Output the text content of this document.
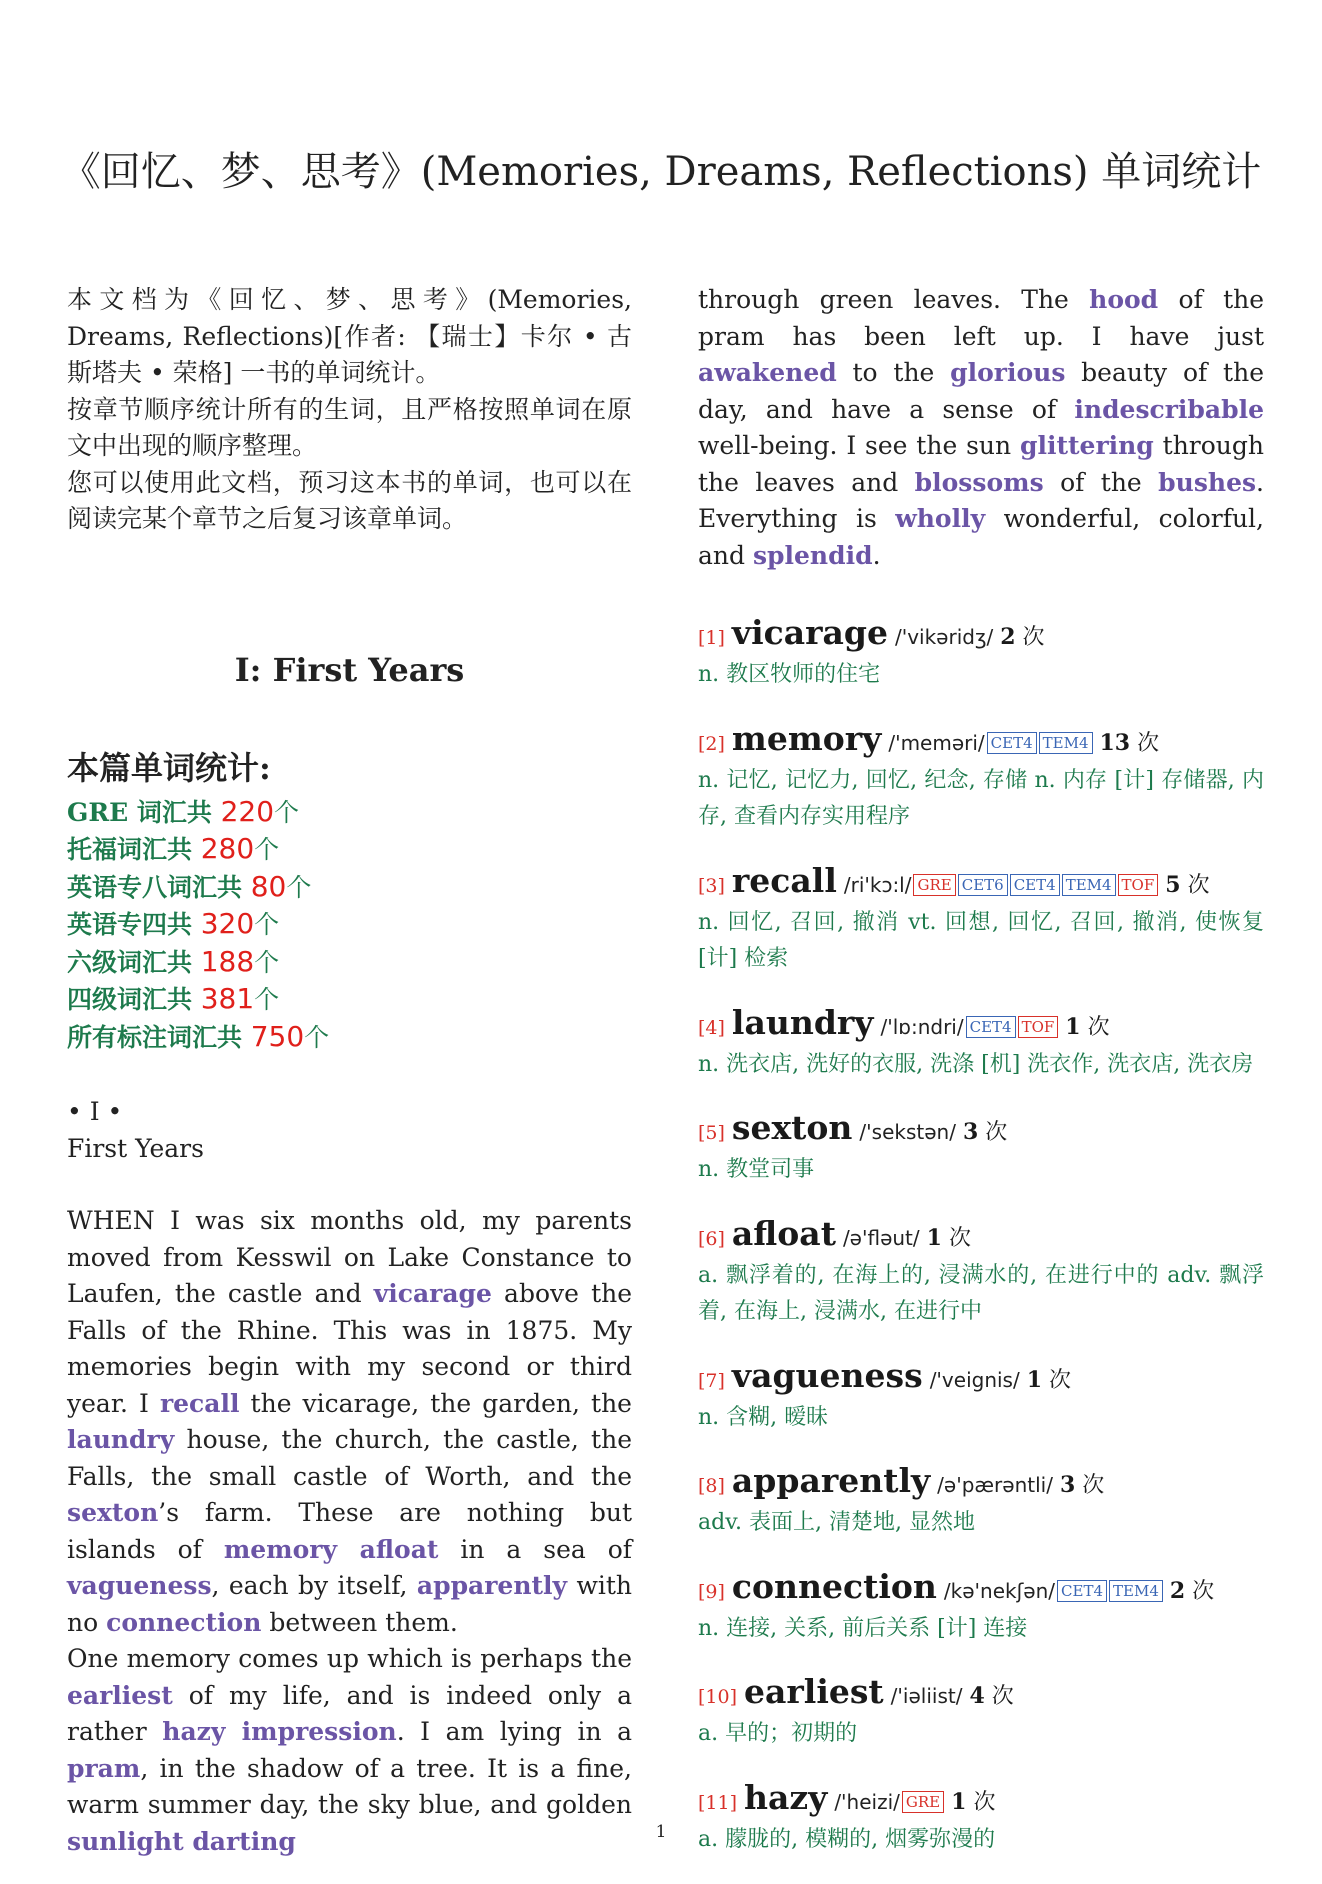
《回忆、梦、思考》(Memories, Dreams, Reflections) 单词统计

本文档为《回忆、梦、思考》(Memories, Dreams, Reflections)[作者: 【瑞士】卡尔 • 古斯塔夫 • 荣格] 一书的单词统计。

按章节顺序统计所有的生词，且严格按照单词在原文中出现的顺序整理。

您可以使用此文档，预习这本书的单词，也可以在阅读完某个章节之后复习该章单词。

I: First Years
本篇单词统计:
GRE 词汇共 220个
托福词汇共 280个
英语专八词汇共 80个
英语专四共 320个
六级词汇共 188个
四级词汇共 381个
所有标注词汇共 750个
• I •
First Years

WHEN I was six months old, my parents moved from Kesswil on Lake Constance to Laufen, the castle and vicarage above the Falls of the Rhine. This was in 1875. My memories begin with my second or third year. I recall the vicarage, the garden, the laundry house, the church, the castle, the Falls, the small castle of Worth, and the sexton’s farm. These are nothing but islands of memory afloat in a sea of vagueness, each by itself, apparently with no connection between them.

One memory comes up which is perhaps the earliest of my life, and is indeed only a rather hazy impression. I am lying in a pram, in the shadow of a tree. It is a fine, warm summer day, the sky blue, and golden sunlight darting

through green leaves. The hood of the pram has been left up. I have just awakened to the glorious beauty of the day, and have a sense of indescribable well-being. I see the sun glittering through the leaves and blossoms of the bushes. Everything is wholly wonderful, colorful, and splendid.

[1] vicarage /'vikəridʒ/ 2 次

n. 教区牧师的住宅

[2] memory /'meməri/ CET4 TEM4 13 次

n. 记忆, 记忆力, 回忆, 纪念, 存储 n. 内存 [计] 存储器, 内存, 查看内存实用程序

[3] recall /ri'kɔ:l/ GRE CET6 CET4 TEM4 TOF 5 次

n. 回忆, 召回, 撤消 vt. 回想, 回忆, 召回, 撤消, 使恢复 [计] 检索

[4] laundry /'lɒ:ndri/ CET4 TOF 1 次

n. 洗衣店, 洗好的衣服, 洗涤 [机] 洗衣作, 洗衣店, 洗衣房

[5] sexton /'sekstən/ 3 次

n. 教堂司事

[6] afloat /ə'fləut/ 1 次

a. 飘浮着的, 在海上的, 浸满水的, 在进行中的 adv. 飘浮着, 在海上, 浸满水, 在进行中

[7] vagueness /'veignis/ 1 次

n. 含糊, 暧昧

[8] apparently /ə'pærəntli/ 3 次

adv. 表面上, 清楚地, 显然地

[9] connection /kə'nekʃən/ CET4 TEM4 2 次

n. 连接, 关系, 前后关系 [计] 连接

[10] earliest /'iəliist/ 4 次

a. 早的；初期的

[11] hazy /'heizi/ GRE 1 次

a. 朦胧的, 模糊的, 烟雾弥漫的

1
